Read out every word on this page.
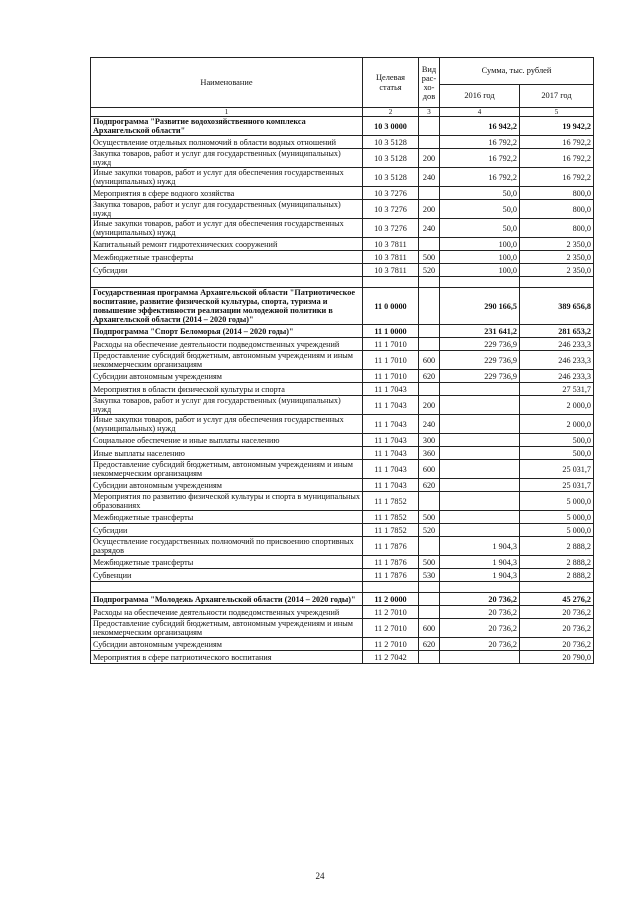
Наименование	Целевая статья	Вид
рас-
хо-
дов	Сумма, тыс. рублей	
			2016 год	2017 год
1	2	3	4	5
Подпрограмма "Развитие водохозяйственного комплекса Архангельской области"	10 3 0000		16 942,2	19 942,2
Осуществление отдельных полномочий в области водных отношений	10 3 5128		16 792,2	16 792,2
Закупка товаров, работ и услуг для государственных (муниципальных) нужд	10 3 5128	200	16 792,2	16 792,2
Иные закупки товаров, работ и услуг для обеспечения государственных (муниципальных) нужд	10 3 5128	240	16 792,2	16 792,2
Мероприятия в сфере водного хозяйства	10 3 7276		50,0	800,0
Закупка товаров, работ и услуг для государственных (муниципальных) нужд	10 3 7276	200	50,0	800,0
Иные закупки товаров, работ и услуг для обеспечения государственных (муниципальных) нужд	10 3 7276	240	50,0	800,0
Капитальный ремонт гидротехнических сооружений	10 3 7811		100,0	2 350,0
Межбюджетные трансферты	10 3 7811	500	100,0	2 350,0
Субсидии	10 3 7811	520	100,0	2 350,0

Государственная программа Архангельской области "Патриотическое воспитание, развитие физической культуры, спорта, туризма и повышение эффективности реализации молодежной политики в Архангельской области (2014 – 2020 годы)"	11 0 0000		290 166,5	389 656,8
Подпрограмма "Спорт Беломорья (2014 – 2020 годы)"	11 1 0000		231 641,2	281 653,2
Расходы на обеспечение деятельности подведомственных учреждений	11 1 7010		229 736,9	246 233,3
Предоставление субсидий бюджетным, автономным учреждениям и иным некоммерческим организациям	11 1 7010	600	229 736,9	246 233,3
Субсидии автономным учреждениям	11 1 7010	620	229 736,9	246 233,3
Мероприятия в области физической культуры и спорта	11 1 7043			27 531,7
Закупка товаров, работ и услуг для государственных (муниципальных) нужд	11 1 7043	200		2 000,0
Иные закупки товаров, работ и услуг для обеспечения государственных (муниципальных) нужд	11 1 7043	240		2 000,0
Социальное обеспечение и иные выплаты населению	11 1 7043	300		500,0
Иные выплаты населению	11 1 7043	360		500,0
Предоставление субсидий бюджетным, автономным учреждениям и иным некоммерческим организациям	11 1 7043	600		25 031,7
Субсидии автономным учреждениям	11 1 7043	620		25 031,7
Мероприятия по развитию физической культуры и спорта в муниципальных образованиях	11 1 7852			5 000,0
Межбюджетные трансферты	11 1 7852	500		5 000,0
Субсидии	11 1 7852	520		5 000,0
Осуществление государственных полномочий по присвоению спортивных разрядов	11 1 7876		1 904,3	2 888,2
Межбюджетные трансферты	11 1 7876	500	1 904,3	2 888,2
Субвенции	11 1 7876	530	1 904,3	2 888,2

Подпрограмма "Молодежь Архангельской области (2014 – 2020 годы)"	11 2 0000		20 736,2	45 276,2
Расходы на обеспечение деятельности подведомственных учреждений	11 2 7010		20 736,2	20 736,2
Предоставление субсидий бюджетным, автономным учреждениям и иным некоммерческим организациям	11 2 7010	600	20 736,2	20 736,2
Субсидии автономным учреждениям	11 2 7010	620	20 736,2	20 736,2
Мероприятия в сфере патриотического воспитания	11 2 7042			20 790,0
24
